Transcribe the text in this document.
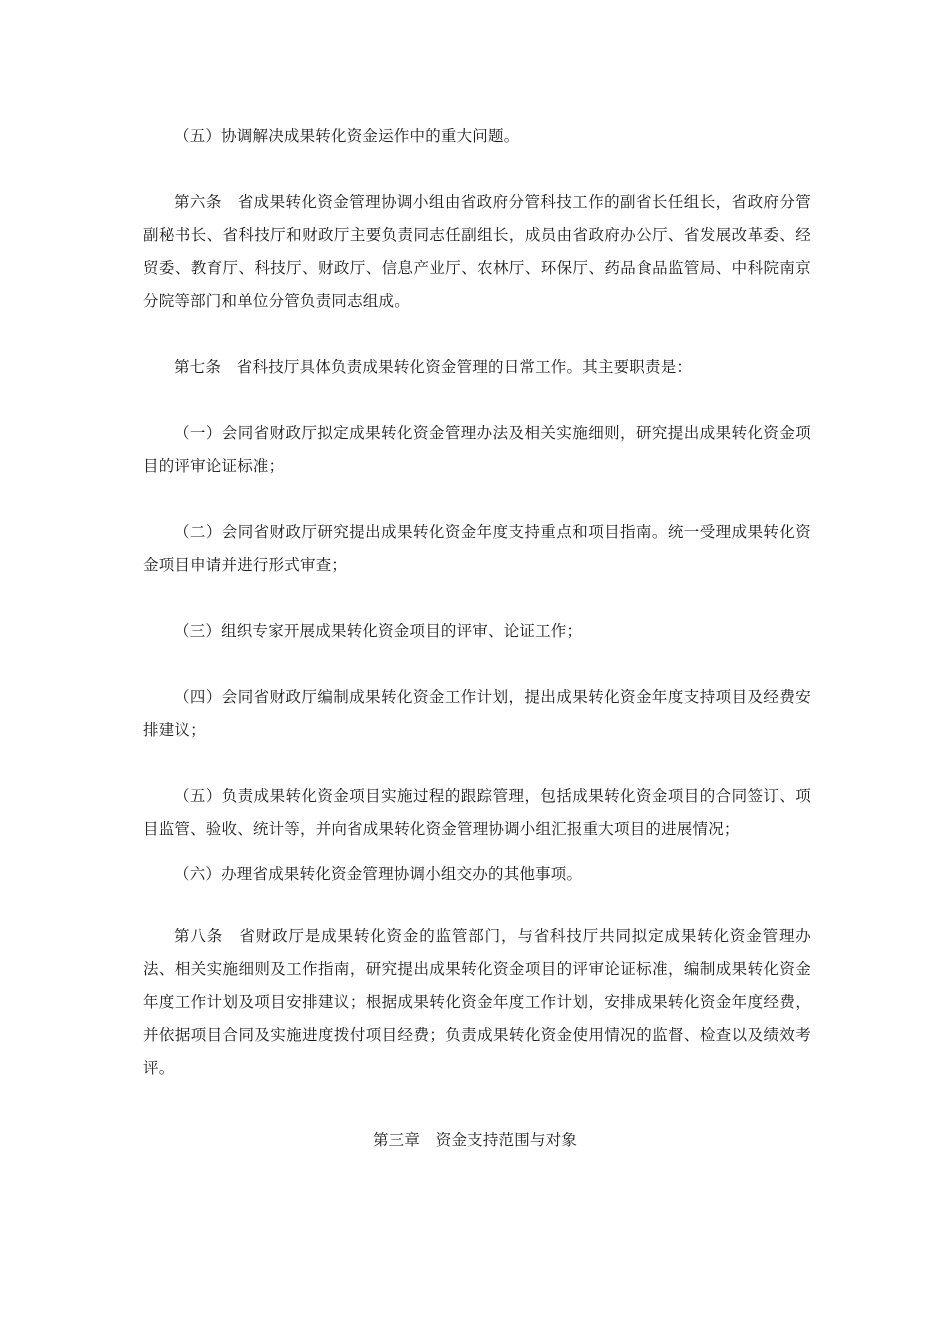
（五）协调解决成果转化资金运作中的重大问题。

第六条　省成果转化资金管理协调小组由省政府分管科技工作的副省长任组长，省政府分管副秘书长、省科技厅和财政厅主要负责同志任副组长，成员由省政府办公厅、省发展改革委、经贸委、教育厅、科技厅、财政厅、信息产业厅、农林厅、环保厅、药品食品监管局、中科院南京分院等部门和单位分管负责同志组成。

第七条　省科技厅具体负责成果转化资金管理的日常工作。其主要职责是：

（一）会同省财政厅拟定成果转化资金管理办法及相关实施细则，研究提出成果转化资金项目的评审论证标准；

（二）会同省财政厅研究提出成果转化资金年度支持重点和项目指南。统一受理成果转化资金项目申请并进行形式审查；

（三）组织专家开展成果转化资金项目的评审、论证工作；

（四）会同省财政厅编制成果转化资金工作计划，提出成果转化资金年度支持项目及经费安排建议；

（五）负责成果转化资金项目实施过程的跟踪管理，包括成果转化资金项目的合同签订、项目监管、验收、统计等，并向省成果转化资金管理协调小组汇报重大项目的进展情况；

（六）办理省成果转化资金管理协调小组交办的其他事项。

第八条　省财政厅是成果转化资金的监管部门，与省科技厅共同拟定成果转化资金管理办法、相关实施细则及工作指南，研究提出成果转化资金项目的评审论证标准，编制成果转化资金年度工作计划及项目安排建议；根据成果转化资金年度工作计划，安排成果转化资金年度经费，并依据项目合同及实施进度拨付项目经费；负责成果转化资金使用情况的监督、检查以及绩效考评。

第三章　资金支持范围与对象
